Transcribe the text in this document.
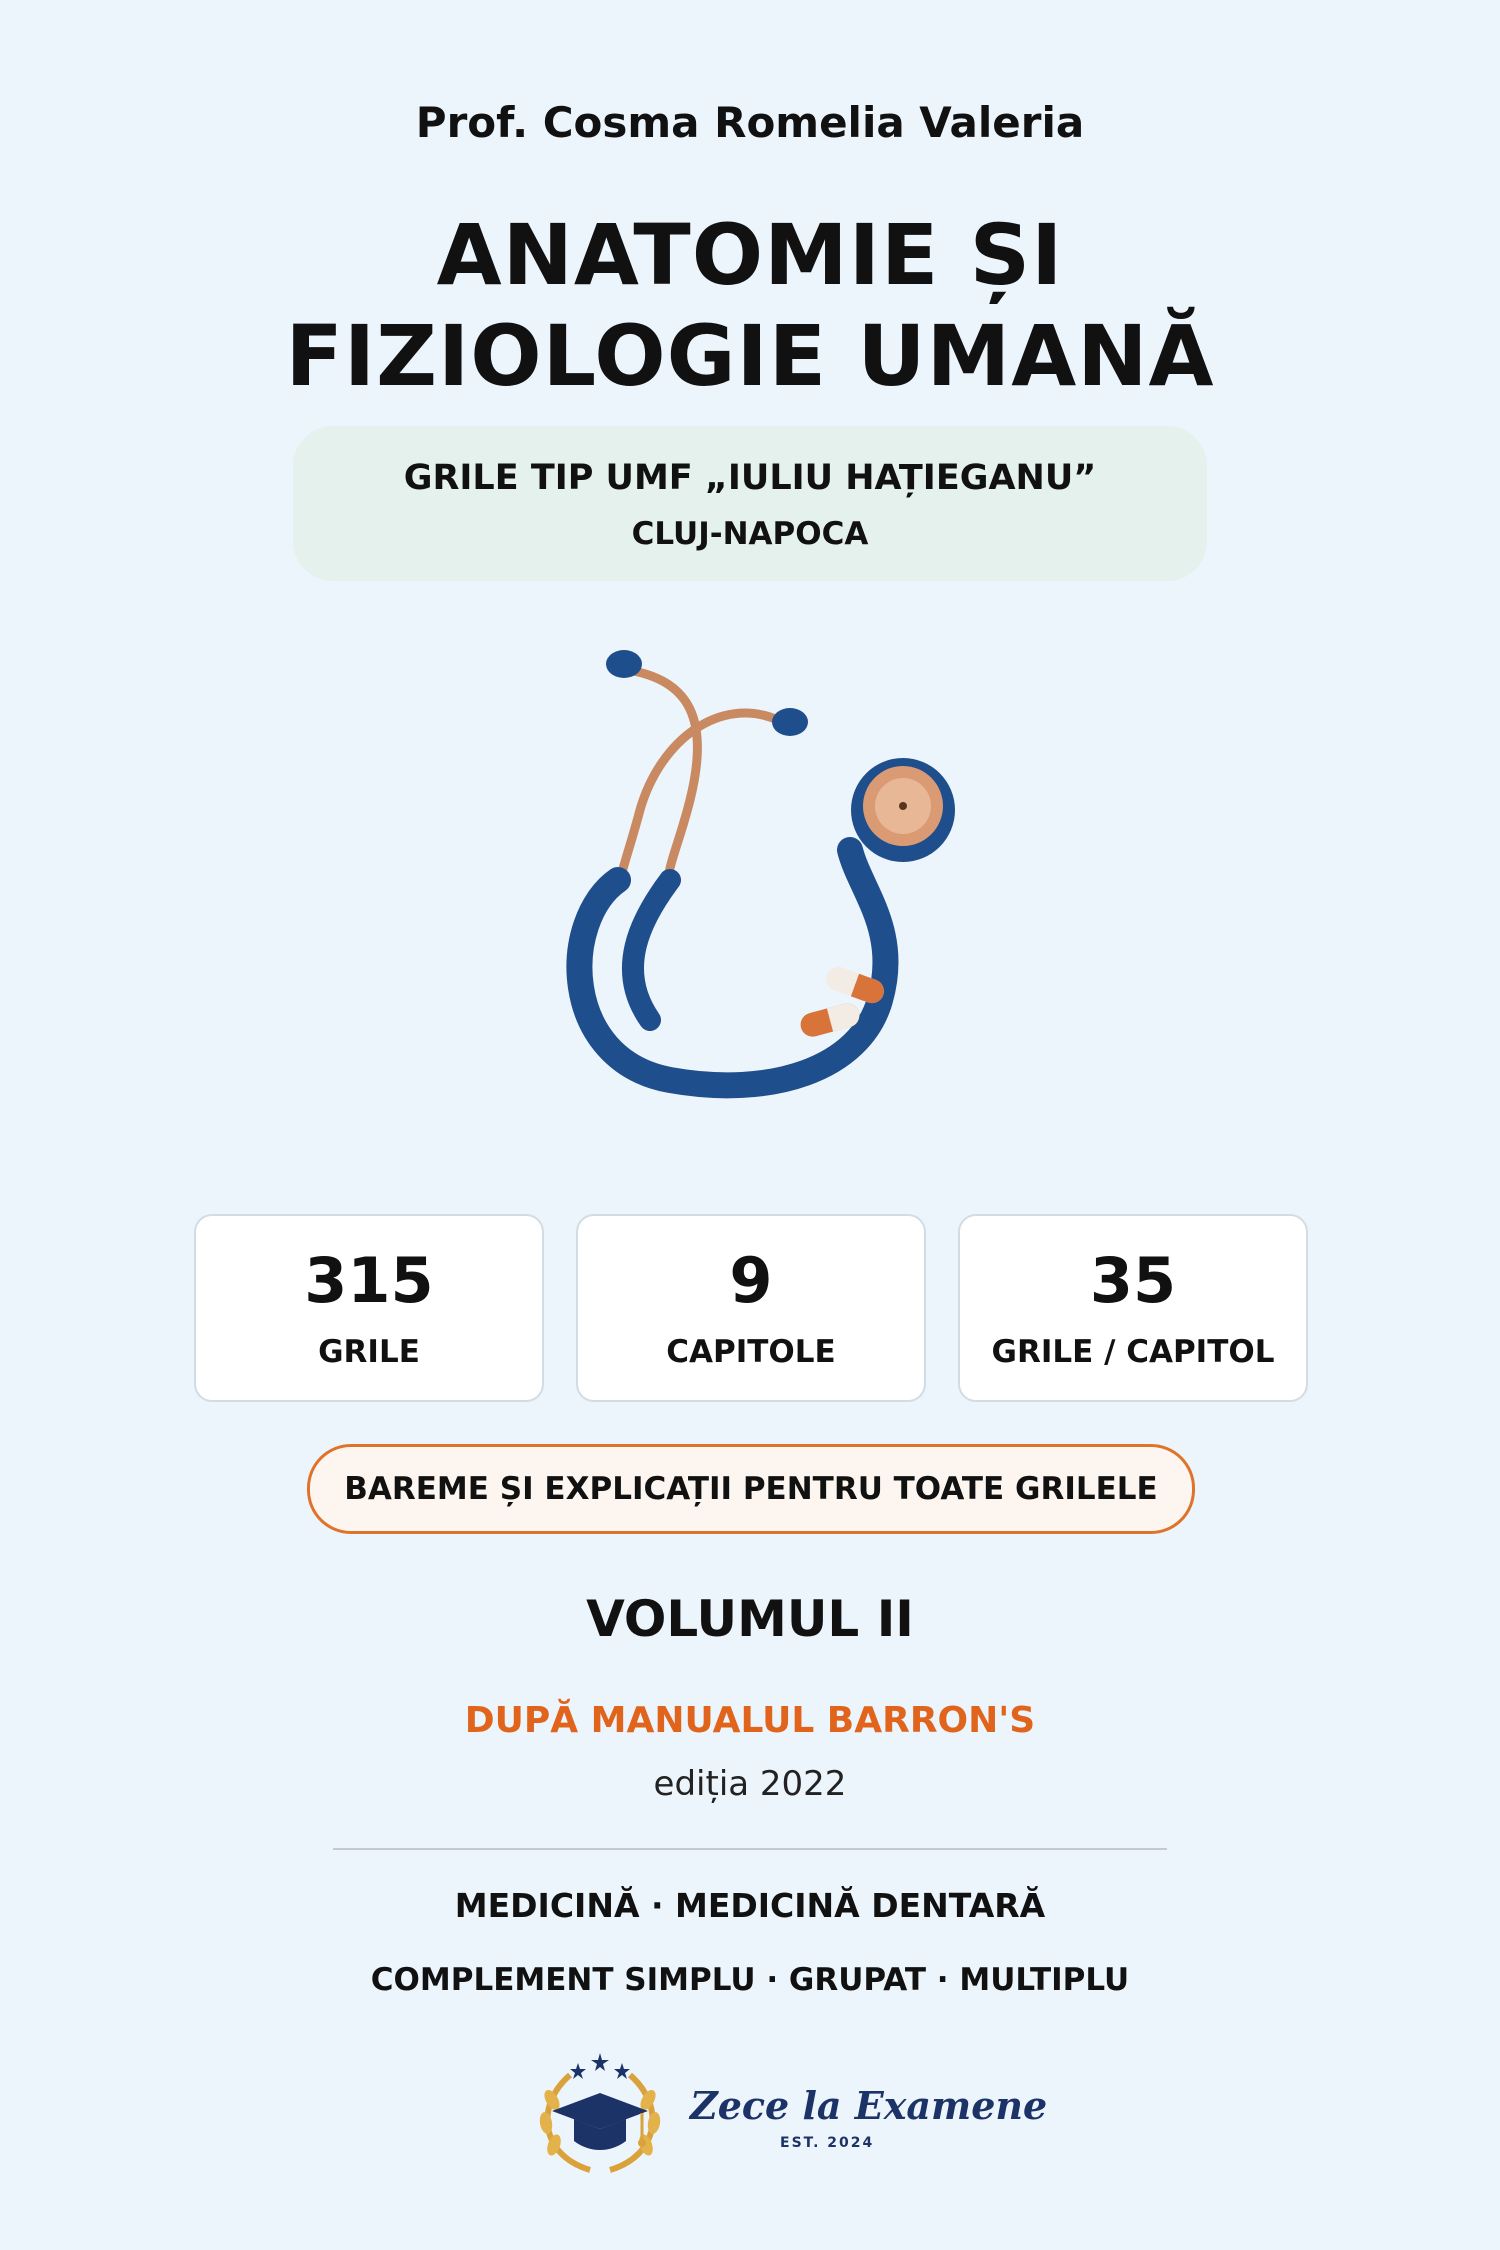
Prof. Cosma Romelia Valeria
ANATOMIE ȘI
FIZIOLOGIE UMANĂ
GRILE TIP UMF „IULIU HAȚIEGANU”
CLUJ-NAPOCA
315
GRILE
9
CAPITOLE
35
GRILE / CAPITOL
BAREME ȘI EXPLICAȚII PENTRU TOATE GRILELE
VOLUMUL II
DUPĂ MANUALUL BARRON'S
ediția 2022
MEDICINĂ · MEDICINĂ DENTARĂ
COMPLEMENT SIMPLU · GRUPAT · MULTIPLU
Zece la Examene
EST. 2024
